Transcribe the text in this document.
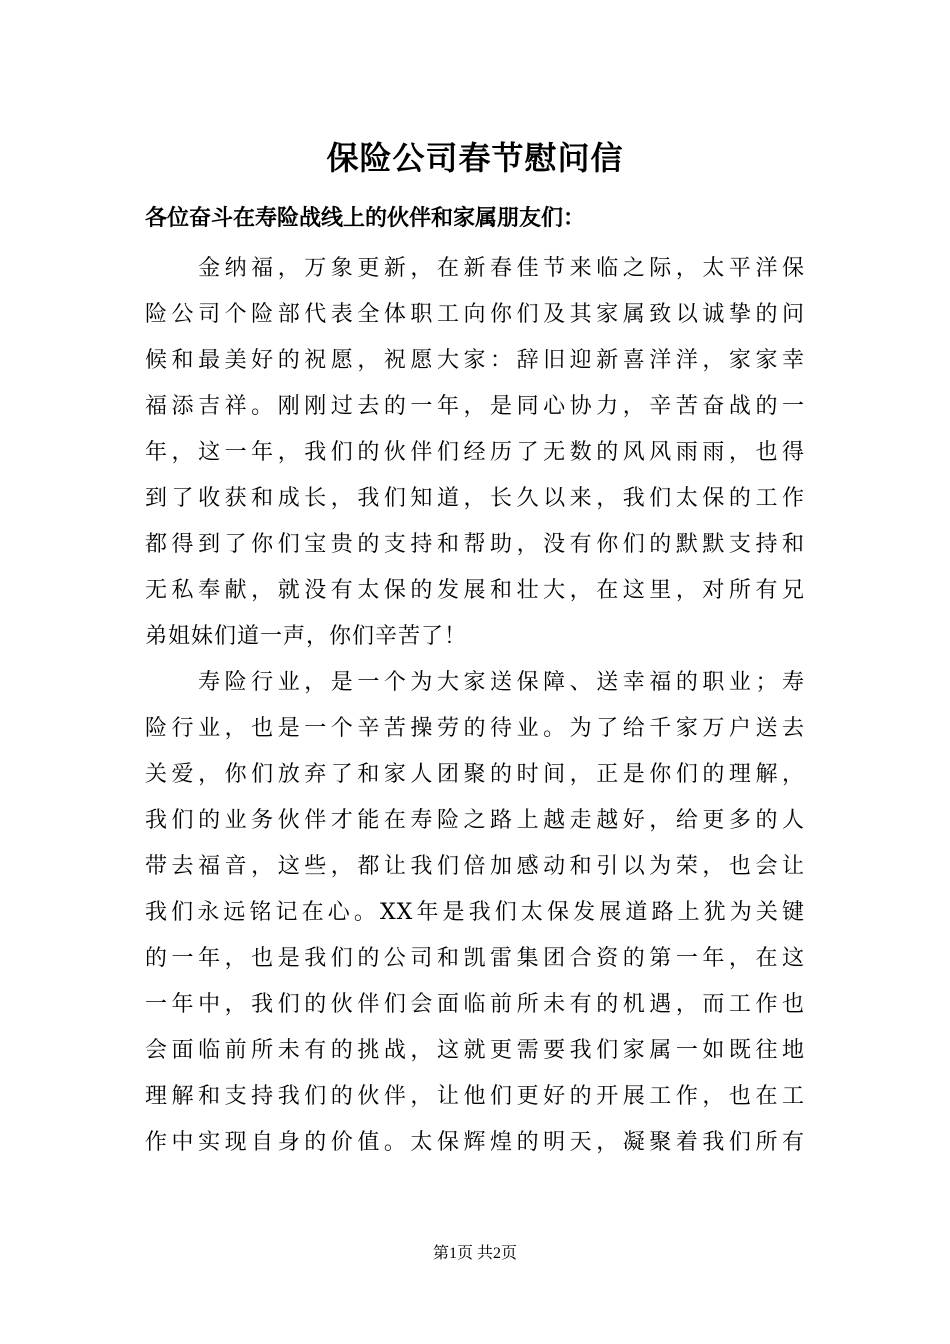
保险公司春节慰问信

各位奋斗在寿险战线上的伙伴和家属朋友们：

　　金纳福，万象更新，在新春佳节来临之际，太平洋保
险公司个险部代表全体职工向你们及其家属致以诚挚的问
候和最美好的祝愿，祝愿大家：辞旧迎新喜洋洋，家家幸
福添吉祥。刚刚过去的一年，是同心协力，辛苦奋战的一
年，这一年，我们的伙伴们经历了无数的风风雨雨，也得
到了收获和成长，我们知道，长久以来，我们太保的工作
都得到了你们宝贵的支持和帮助，没有你们的默默支持和
无私奉献，就没有太保的发展和壮大，在这里，对所有兄
弟姐妹们道一声，你们辛苦了！
　　寿险行业，是一个为大家送保障、送幸福的职业；寿
险行业，也是一个辛苦操劳的待业。为了给千家万户送去
关爱，你们放弃了和家人团聚的时间，正是你们的理解，
我们的业务伙伴才能在寿险之路上越走越好，给更多的人
带去福音，这些，都让我们倍加感动和引以为荣，也会让
我们永远铭记在心。XX年是我们太保发展道路上犹为关键
的一年，也是我们的公司和凯雷集团合资的第一年，在这
一年中，我们的伙伴们会面临前所未有的机遇，而工作也
会面临前所未有的挑战，这就更需要我们家属一如既往地
理解和支持我们的伙伴，让他们更好的开展工作，也在工
作中实现自身的价值。太保辉煌的明天，凝聚着我们所有

第1页 共2页
